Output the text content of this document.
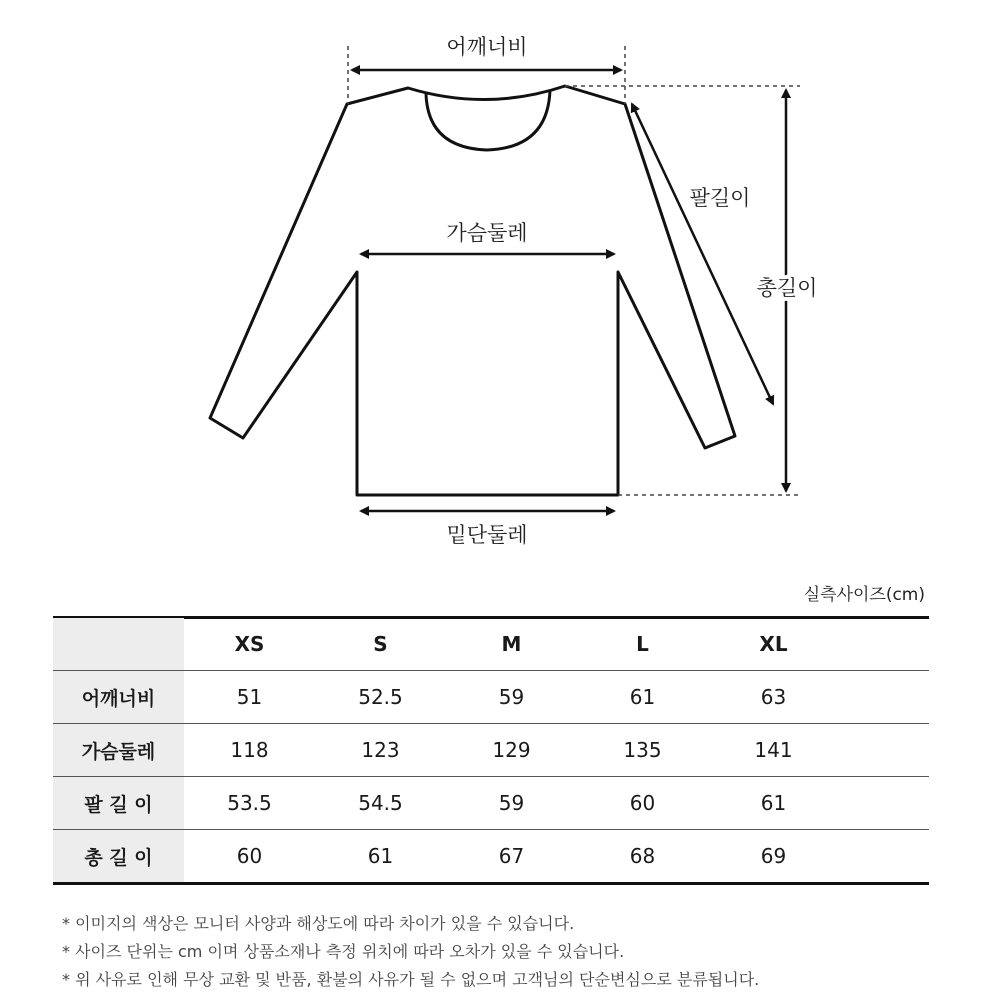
어깨너비
가슴둘레
팔길이
총길이
밑단둘레
실측사이즈(cm)
	XS	S	M	L	XL	
어깨너비	51	52.5	59	61	63	
가슴둘레	118	123	129	135	141	
팔 길 이	53.5	54.5	59	60	61	
총 길 이	60	61	67	68	69	
* 이미지의 색상은 모니터 사양과 해상도에 따라 차이가 있을 수 있습니다.
* 사이즈 단위는 cm 이며 상품소재나 측정 위치에 따라 오차가 있을 수 있습니다.
* 위 사유로 인해 무상 교환 및 반품, 환불의 사유가 될 수 없으며 고객님의 단순변심으로 분류됩니다.
